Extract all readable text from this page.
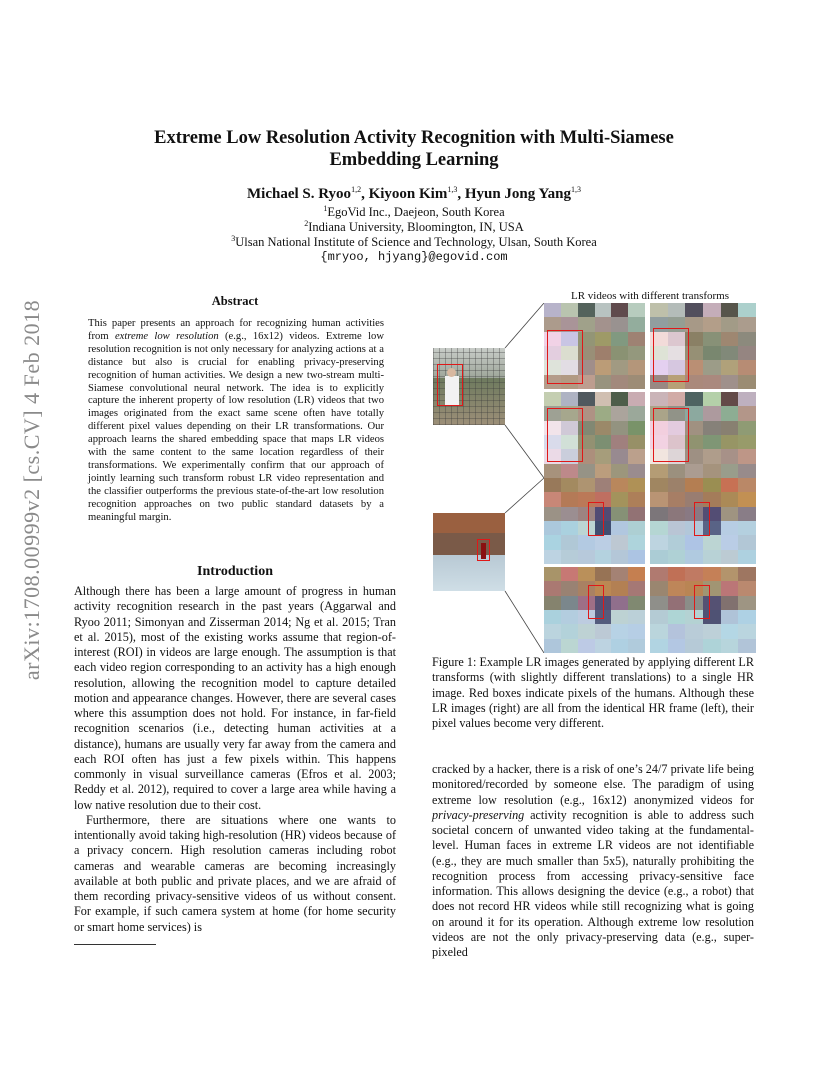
arXiv:1708.00999v2 [cs.CV] 4 Feb 2018
Extreme Low Resolution Activity Recognition with Multi-Siamese
Embedding Learning
Michael S. Ryoo$^{1,2}$, Kiyoon Kim$^{1,3}$, Hyun Jong Yang$^{1,3}$
$^1$EgoVid Inc., Daejeon, South Korea
$^2$Indiana University, Bloomington, IN, USA
$^3$Ulsan National Institute of Science and Technology, Ulsan, South Korea
{mryoo, hjyang}@egovid.com
Abstract
This paper presents an approach for recognizing human activities from extreme low resolution (e.g., 16x12) videos. Extreme low resolution recognition is not only necessary for analyzing actions at a distance but also is crucial for enabling privacy-preserving recognition of human activities. We design a new two-stream multi-Siamese convolutional neural network. The idea is to explicitly capture the inherent property of low resolution (LR) videos that two images originated from the exact same scene often have totally different pixel values depending on their LR transformations. Our approach learns the shared embedding space that maps LR videos with the same content to the same location regardless of their transformations. We experimentally confirm that our approach of jointly learning such transform robust LR video representation and the classifier outperforms the previous state-of-the-art low resolution recognition approaches on two public standard datasets by a meaningful margin.
Introduction

Although there has been a large amount of progress in human activity recognition research in the past years (Aggarwal and Ryoo 2011; Simonyan and Zisserman 2014; Ng et al. 2015; Tran et al. 2015), most of the existing works assume that region-of-interest (ROI) in videos are large enough. The assumption is that each video region corresponding to an activity has a high enough resolution, allowing the recognition model to capture detailed motion and appearance changes. However, there are several cases where this assumption does not hold. For instance, in far-field recognition scenarios (i.e., detecting human activities at a distance), humans are usually very far away from the camera and each ROI often has just a few pixels within. This happens commonly in visual surveillance cameras (Efros et al. 2003; Reddy et al. 2012), required to cover a large area while having a low native resolution due to their cost.

Furthermore, there are situations where one wants to intentionally avoid taking high-resolution (HR) videos because of a privacy concern. High resolution cameras including robot cameras and wearable cameras are becoming increasingly available at both public and private places, and we are afraid of them recording privacy-sensitive videos of us without consent. For example, if such camera system at home (for home security or smart home services) is

LR videos with different transforms
Figure 1: Example LR images generated by applying different LR transforms (with slightly different translations) to a single HR image. Red boxes indicate pixels of the humans. Although these LR images (right) are all from the identical HR frame (left), their pixel values become very different.
cracked by a hacker, there is a risk of one’s 24/7 private life being monitored/recorded by someone else. The paradigm of using extreme low resolution (e.g., 16x12) anonymized videos for privacy-preserving activity recognition is able to address such societal concern of unwanted video taking at the fundamental-level. Human faces in extreme LR videos are not identifiable (e.g., they are much smaller than 5x5), naturally prohibiting the recognition process from accessing privacy-sensitive face information. This allows designing the device (e.g., a robot) that does not record HR videos while still recognizing what is going on around it for its operation. Although extreme low resolution videos are not the only privacy-preserving data (e.g., super-pixeled
